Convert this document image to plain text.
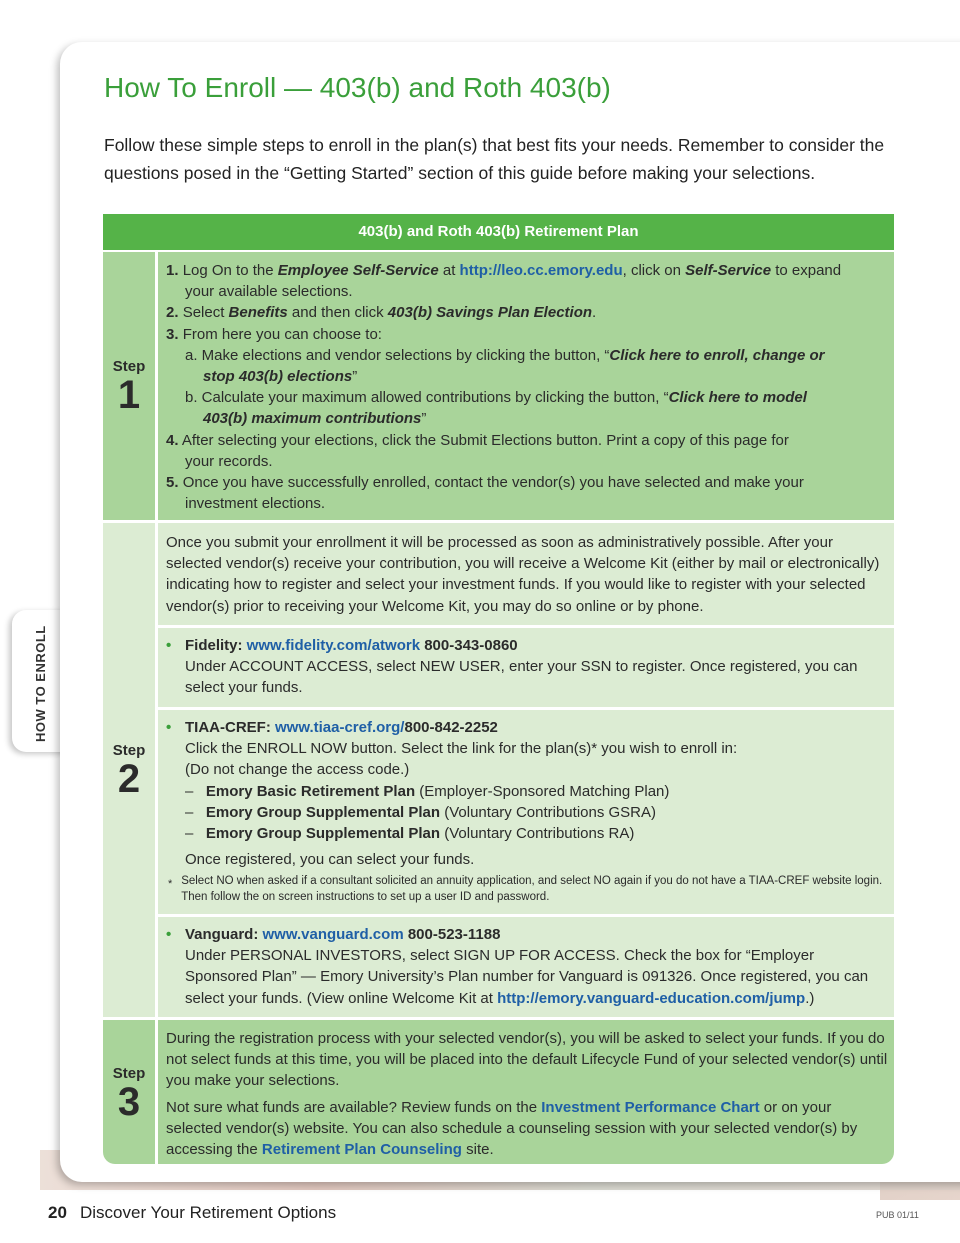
HOW TO ENROLL
How To Enroll — 403(b) and Roth 403(b)

Follow these simple steps to enroll in the plan(s) that best fits your needs. Remember to consider the questions posed in the “Getting Started” section of this guide before making your selections.

403(b) and Roth 403(b) Retirement Plan
Step
1

1. Log On to the Employee Self-Service at http://leo.cc.emory.edu, click on Self-Service to expand

your available selections.

2. Select Benefits and then click 403(b) Savings Plan Election.

3. From here you can choose to:

a. Make elections and vendor selections by clicking the button, “Click here to enroll, change or

stop 403(b) elections”

b. Calculate your maximum allowed contributions by clicking the button, “Click here to model

403(b) maximum contributions”

4. After selecting your elections, click the Submit Elections button. Print a copy of this page for

your records.

5. Once you have successfully enrolled, contact the vendor(s) you have selected and make your

investment elections.

Step
2

Once you submit your enrollment it will be processed as soon as administratively possible. After your selected vendor(s) receive your contribution, you will receive a Welcome Kit (either by mail or electronically) indicating how to register and select your investment funds. If you would like to register with your selected vendor(s) prior to receiving your Welcome Kit, you may do so online or by phone.

• Fidelity: www.fidelity.com/atwork 800-343-0860

Under ACCOUNT ACCESS, select NEW USER, enter your SSN to register. Once registered, you can select your funds.

• TIAA-CREF: www.tiaa-cref.org/800-842-2252

Click the ENROLL NOW button. Select the link for the plan(s)* you wish to enroll in:

(Do not change the access code.)

– Emory Basic Retirement Plan (Employer-Sponsored Matching Plan)

– Emory Group Supplemental Plan (Voluntary Contributions GSRA)

– Emory Group Supplemental Plan (Voluntary Contributions RA)

Once registered, you can select your funds.

* Select NO when asked if a consultant solicited an annuity application, and select NO again if you do not have a TIAA-CREF website login. Then follow the on screen instructions to set up a user ID and password.

• Vanguard: www.vanguard.com 800-523-1188

Under PERSONAL INVESTORS, select SIGN UP FOR ACCESS. Check the box for “Employer Sponsored Plan” — Emory University’s Plan number for Vanguard is 091326. Once registered, you can select your funds. (View online Welcome Kit at http://emory.vanguard-education.com/jump.)

Step
3

During the registration process with your selected vendor(s), you will be asked to select your funds. If you do not select funds at this time, you will be placed into the default Lifecycle Fund of your selected vendor(s) until you make your selections.

Not sure what funds are available? Review funds on the Investment Performance Chart or on your selected vendor(s) website. You can also schedule a counseling session with your selected vendor(s) by accessing the Retirement Plan Counseling site.

20 Discover Your Retirement Options	PUB 01/11
